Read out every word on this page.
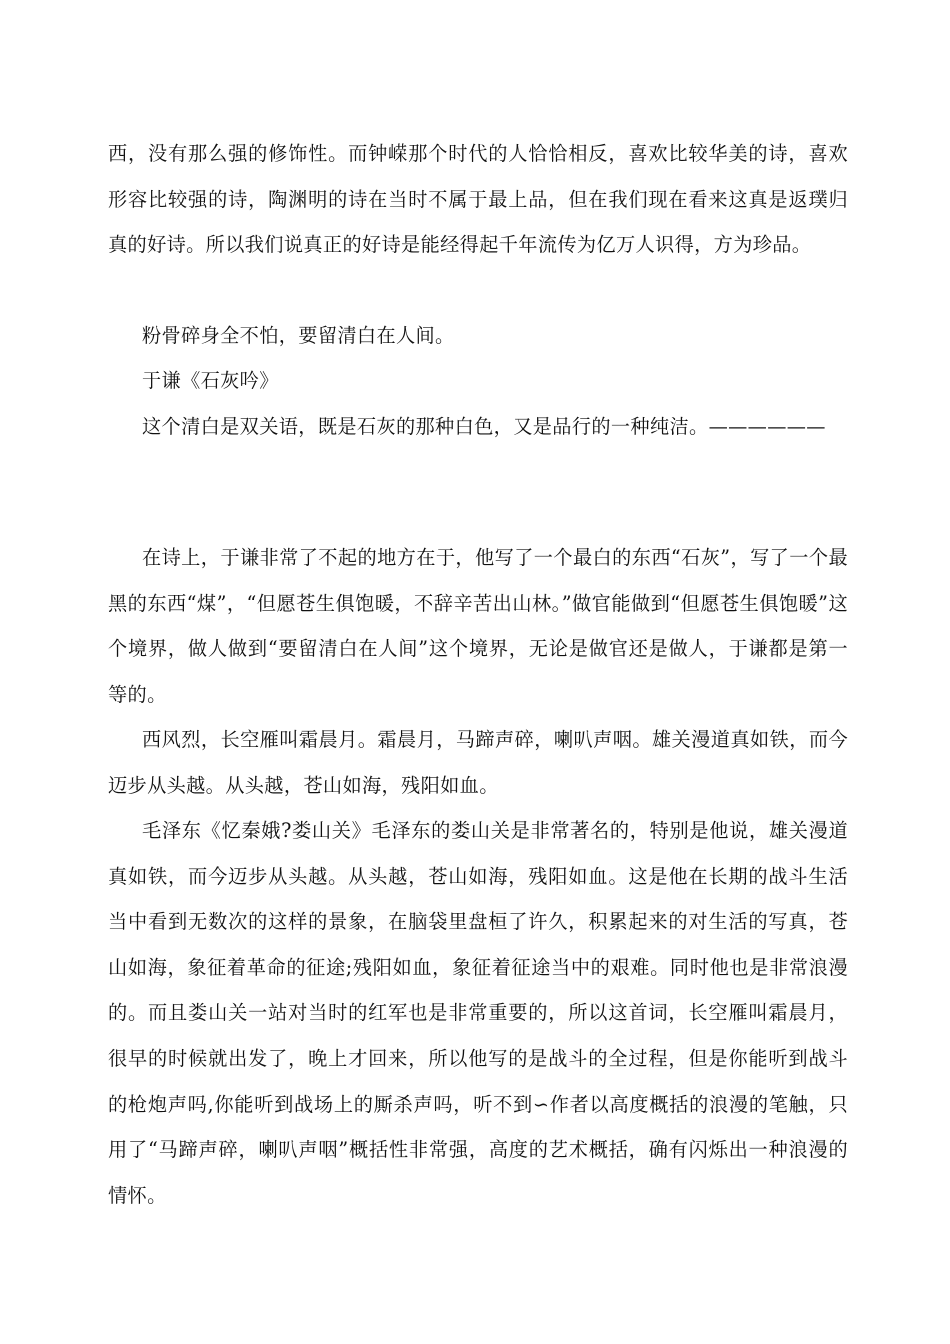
西，没有那么强的修饰性。而钟嵘那个时代的人恰恰相反，喜欢比较华美的诗，喜欢形容比较强的诗，陶渊明的诗在当时不属于最上品，但在我们现在看来这真是返璞归真的好诗。所以我们说真正的好诗是能经得起千年流传为亿万人识得，方为珍品。

粉骨碎身全不怕，要留清白在人间。

于谦《石灰吟》

这个清白是双关语，既是石灰的那种白色，又是品行的一种纯洁。——————

在诗上，于谦非常了不起的地方在于，他写了一个最白的东西“石灰”，写了一个最黑的东西“煤”，“但愿苍生俱饱暖，不辞辛苦出山林。”做官能做到“但愿苍生俱饱暖”这个境界，做人做到“要留清白在人间”这个境界，无论是做官还是做人，于谦都是第一等的。

西风烈，长空雁叫霜晨月。霜晨月，马蹄声碎，喇叭声咽。雄关漫道真如铁，而今迈步从头越。从头越，苍山如海，残阳如血。

毛泽东《忆秦娥?娄山关》毛泽东的娄山关是非常著名的，特别是他说，雄关漫道真如铁，而今迈步从头越。从头越，苍山如海，残阳如血。这是他在长期的战斗生活当中看到无数次的这样的景象，在脑袋里盘桓了许久，积累起来的对生活的写真，苍山如海，象征着革命的征途;残阳如血，象征着征途当中的艰难。同时他也是非常浪漫的。而且娄山关一站对当时的红军也是非常重要的，所以这首词，长空雁叫霜晨月，很早的时候就出发了，晚上才回来，所以他写的是战斗的全过程，但是你能听到战斗的枪炮声吗,你能听到战场上的厮杀声吗，听不到∽作者以高度概括的浪漫的笔触，只用了“马蹄声碎，喇叭声咽”概括性非常强，高度的艺术概括，确有闪烁出一种浪漫的情怀。
